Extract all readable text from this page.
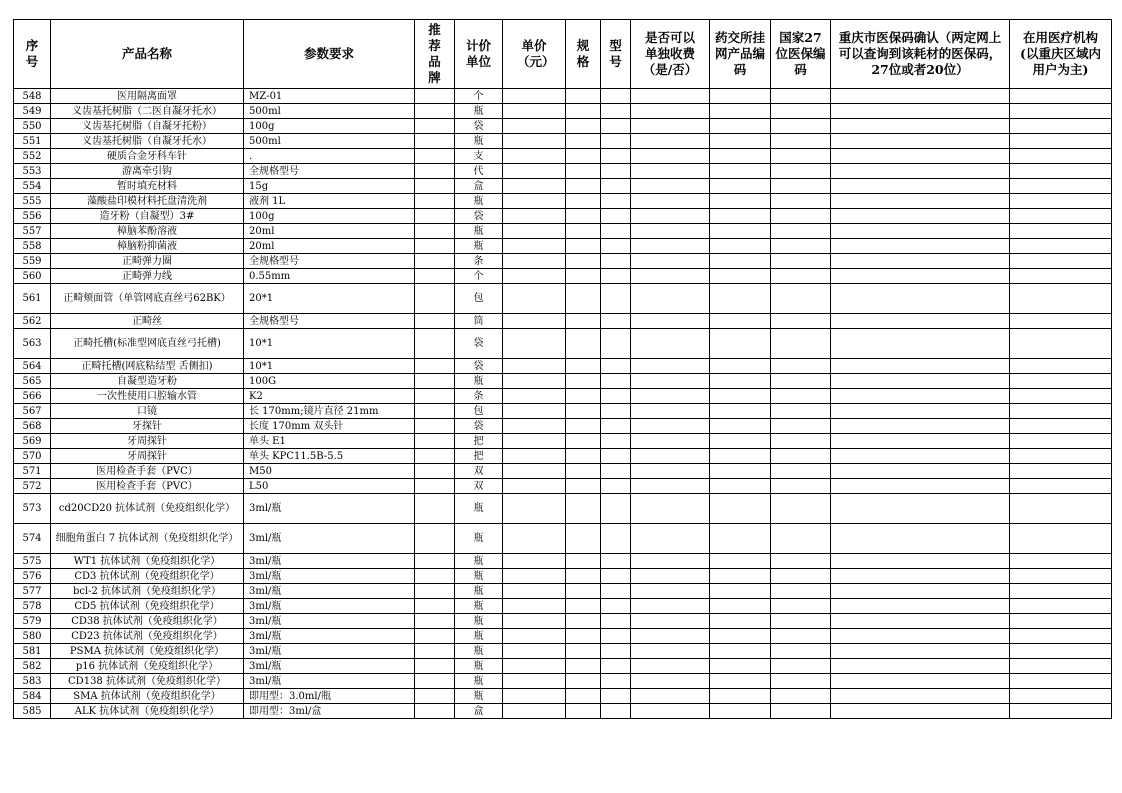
序号	产品名称	参数要求	推荐品牌	计价单位	单价（元）	规格	型号	是否可以单独收费（是/否）	药交所挂网产品编码	国家27位医保编码	重庆市医保码确认（两定网上可以查询到该耗材的医保码，27位或者20位）	在用医疗机构(以重庆区域内用户为主)
548	医用隔离面罩	MZ-01		个								
549	义齿基托树脂（二医自凝牙托水）	500ml		瓶								
550	义齿基托树脂（自凝牙托粉）	100g		袋								
551	义齿基托树脂（自凝牙托水）	500ml		瓶								
552	硬质合金牙科车针	.		支								
553	游离牵引钩	全规格型号		代								
554	暂时填充材料	15g		盒								
555	藻酸盐印模材料托盘清洗剂	液剂 1L		瓶								
556	造牙粉（自凝型）3#	100g		袋								
557	樟脑苯酚溶液	20ml		瓶								
558	樟脑粉抑菌液	20ml		瓶								
559	正畸弹力圈	全规格型号		条								
560	正畸弹力线	0.55mm		个								
561	正畸颊面管（单管网底直丝弓62BK）	20*1		包								
562	正畸丝	全规格型号		筒								
563	正畸托槽(标准型网底直丝弓托槽)	10*1		袋								
564	正畸托槽(网底粘结型 舌侧扣)	10*1		袋								
565	自凝型造牙粉	100G		瓶								
566	一次性使用口腔输水管	K2		条								
567	口镜	长 170mm;镜片直径 21mm		包								
568	牙探针	长度 170mm 双头针		袋								
569	牙周探针	单头 E1		把								
570	牙周探针	单头 KPC11.5B-5.5		把								
571	医用检查手套（PVC）	M50		双								
572	医用检查手套（PVC）	L50		双								
573	cd20CD20 抗体试剂（免疫组织化学）	3ml/瓶		瓶								
574	细胞角蛋白 7 抗体试剂（免疫组织化学）	3ml/瓶		瓶								
575	WT1 抗体试剂（免疫组织化学）	3ml/瓶		瓶								
576	CD3 抗体试剂（免疫组织化学）	3ml/瓶		瓶								
577	bcl-2 抗体试剂（免疫组织化学）	3ml/瓶		瓶								
578	CD5 抗体试剂（免疫组织化学）	3ml/瓶		瓶								
579	CD38 抗体试剂（免疫组织化学）	3ml/瓶		瓶								
580	CD23 抗体试剂（免疫组织化学）	3ml/瓶		瓶								
581	PSMA 抗体试剂（免疫组织化学）	3ml/瓶		瓶								
582	p16 抗体试剂（免疫组织化学）	3ml/瓶		瓶								
583	CD138 抗体试剂（免疫组织化学）	3ml/瓶		瓶								
584	SMA 抗体试剂（免疫组织化学）	即用型：3.0ml/瓶		瓶								
585	ALK 抗体试剂（免疫组织化学）	即用型：3ml/盒		盒								
